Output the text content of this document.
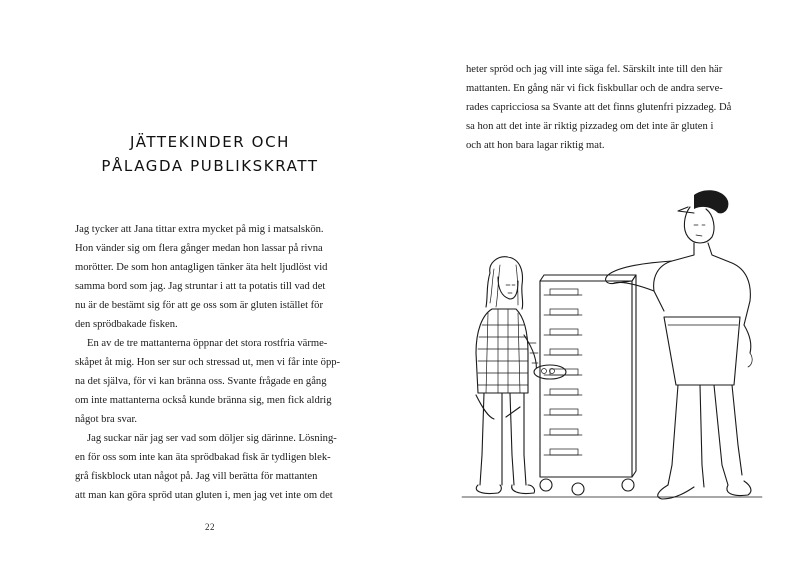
JÄTTEKINDER OCH
PÅLAGDA PUBLIKSKRATT
Jag tycker att Jana tittar extra mycket på mig i matsalskön.
Hon vänder sig om flera gånger medan hon lassar på rivna
morötter. De som hon antagligen tänker äta helt ljudlöst vid
samma bord som jag. Jag struntar i att ta potatis till vad det
nu är de bestämt sig för att ge oss som är gluten istället för
den sprödbakade fisken.
En av de tre mattanterna öppnar det stora rostfria värme-
skåpet åt mig. Hon ser sur och stressad ut, men vi får inte öpp-
na det själva, för vi kan bränna oss. Svante frågade en gång
om inte mattanterna också kunde bränna sig, men fick aldrig
något bra svar.
Jag suckar när jag ser vad som döljer sig därinne. Lösning-
en för oss som inte kan äta sprödbakad fisk är tydligen blek-
grå fiskblock utan något på. Jag vill berätta för mattanten
att man kan göra spröd utan gluten i, men jag vet inte om det
22
heter spröd och jag vill inte säga fel. Särskilt inte till den här
mattanten. En gång när vi fick fiskbullar och de andra serve-
rades capricciosa sa Svante att det finns glutenfri pizzadeg. Då
sa hon att det inte är riktig pizzadeg om det inte är gluten i
och att hon bara lagar riktig mat.
